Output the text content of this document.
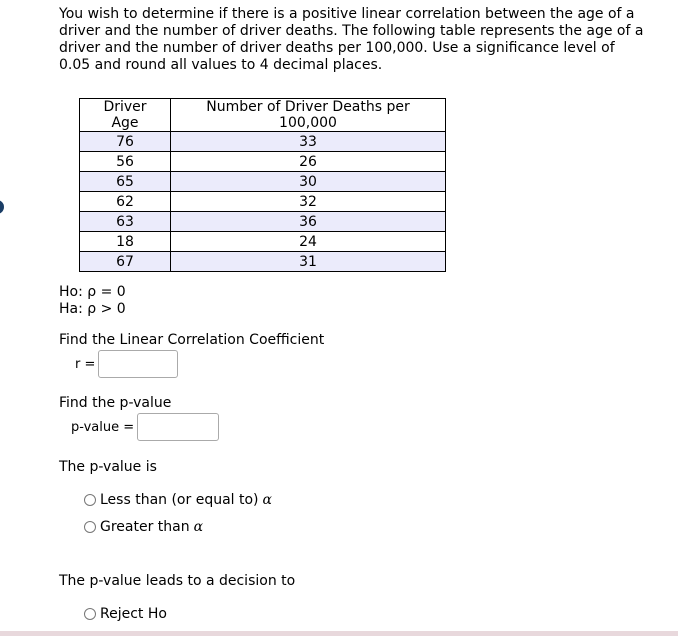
You wish to determine if there is a positive linear correlation between the age of a driver and the number of driver deaths. The following table represents the age of a driver and the number of driver deaths per 100,000. Use a significance level of 0.05 and round all values to 4 decimal places.
Driver Age	Number of Driver Deaths per 100,000
76	33
56	26
65	30
62	32
63	36
18	24
67	31
Ho: ρ = 0
Ha: ρ > 0
Find the Linear Correlation Coefficient
r =
Find the p-value
p-value =
The p-value is
Less than (or equal to) α
Greater than α
The p-value leads to a decision to
Reject Ho
